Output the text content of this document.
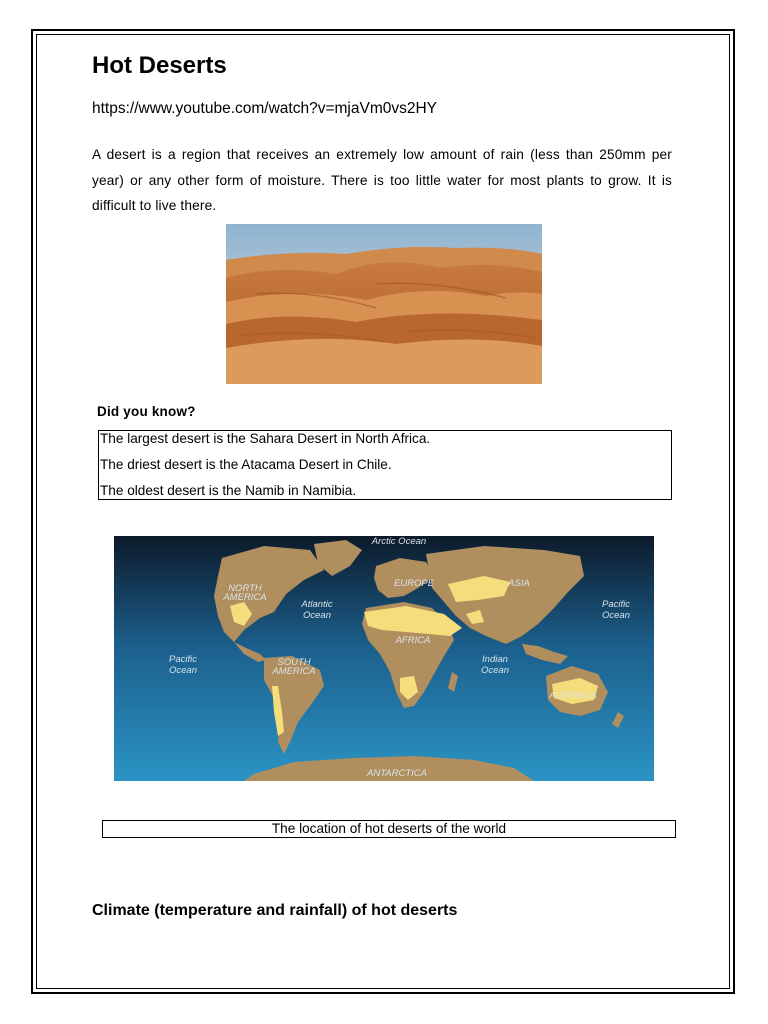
Hot Deserts
https://www.youtube.com/watch?v=mjaVm0vs2HY
A desert is a region that receives an extremely low amount of rain (less than 250mm per year) or any other form of moisture. There is too little water for most plants to grow. It is difficult to live there.
Did you know?
The largest desert is the Sahara Desert in North Africa.
The driest desert is the Atacama Desert in Chile.
The oldest desert is the Namib in Namibia.
Arctic Ocean
NORTH
AMERICA
EUROPE	ASIA
Atlantic
Ocean
Pacific
Ocean
Pacific
Ocean
AFRICA
SOUTH
AMERICA
Indian
Ocean
AUSTRALIA
ANTARCTICA
The location of hot deserts of the world
Climate (temperature and rainfall) of hot deserts
